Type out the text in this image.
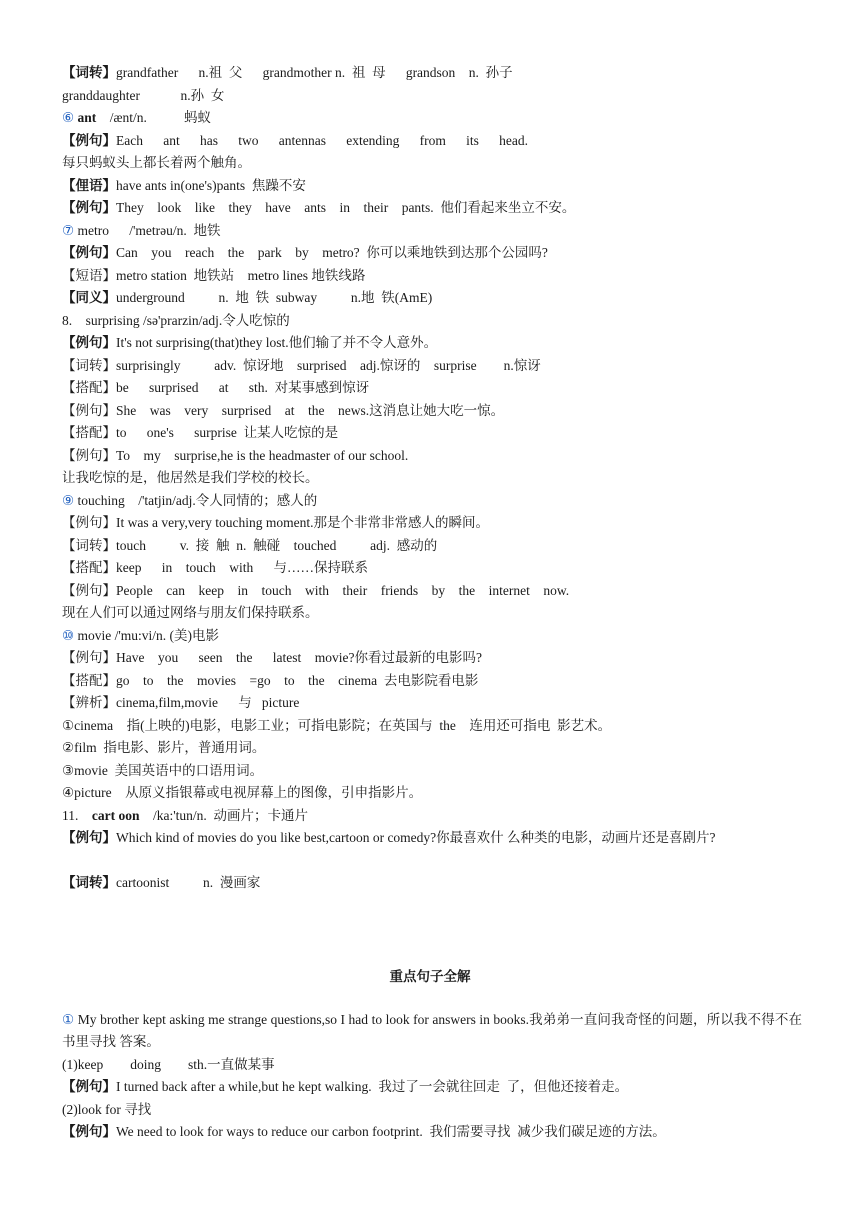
【词转】grandfather      n.祖  父      grandmother n.  祖  母      grandson    n.  孙子
granddaughter            n.孙  女
⑥ ant    /ænt/n.           蚂蚁
【例句】Each      ant      has      two      antennas      extending      from      its      head.
每只蚂蚁头上都长着两个触角。
【俚语】have ants in(one's)pants  焦躁不安
【例句】They    look    like    they    have    ants    in    their    pants.  他们看起来坐立不安。
⑦ metro      /'metrəu/n.  地铁
【例句】Can    you    reach    the    park    by    metro?  你可以乘地铁到达那个公园吗?
【短语】metro station  地铁站    metro lines 地铁线路
【同义】underground          n.  地  铁  subway          n.地  铁(AmE)
8.    surprising /sə'prarzin/adj.令人吃惊的
【例句】It's not surprising(that)they lost.他们输了并不令人意外。
【词转】surprisingly          adv.  惊讶地    surprised    adj.惊讶的    surprise        n.惊讶
【搭配】be      surprised      at      sth.  对某事感到惊讶
【例句】She    was    very    surprised    at    the    news.这消息让她大吃一惊。
【搭配】to      one's      surprise  让某人吃惊的是
【例句】To    my    surprise,he is the headmaster of our school.
让我吃惊的是，他居然是我们学校的校长。
⑨ touching    /'tatjin/adj.令人同情的；感人的
【例句】It was a very,very touching moment.那是个非常非常感人的瞬间。
【词转】touch          v.  接  触  n.  触碰    touched          adj.  感动的
【搭配】keep      in    touch    with      与……保持联系
【例句】People    can    keep    in    touch    with    their    friends    by    the    internet    now.
现在人们可以通过网络与朋友们保持联系。
⑩ movie /'mu:vi/n. (美)电影
【例句】Have    you      seen    the      latest    movie?你看过最新的电影吗?
【搭配】go    to    the    movies    =go    to    the    cinema  去电影院看电影
【辨析】cinema,film,movie      与   picture
①cinema    指(上映的)电影，电影工业；可指电影院；在英国与  the    连用还可指电  影艺术。
②film  指电影、影片，普通用词。
③movie  美国英语中的口语用词。
④picture    从原义指银幕或电视屏幕上的图像，引申指影片。
11.    cart oon    /ka:'tun/n.  动画片；卡通片
【例句】Which kind of movies do you like best,cartoon or comedy?你最喜欢什 么种类的电影，动画片还是喜剧片?
【词转】cartoonist          n.  漫画家
重点句子全解
① My brother kept asking me strange questions,so I had to look for answers in books.我弟弟一直问我奇怪的问题，所以我不得不在书里寻找 答案。
(1)keep        doing        sth.一直做某事
【例句】I turned back after a while,but he kept walking.  我过了一会就往回走  了，但他还接着走。
(2)look for 寻找
【例句】We need to look for ways to reduce our carbon footprint.  我们需要寻找  减少我们碳足迹的方法。
